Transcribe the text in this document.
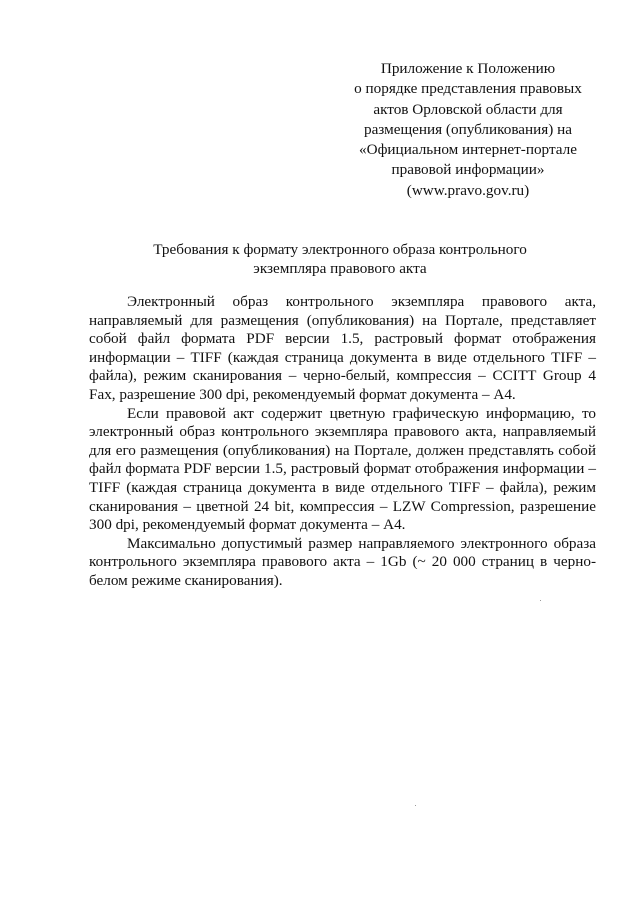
Приложение к Положению
о порядке представления правовых
актов Орловской области для
размещения (опубликования) на
«Официальном интернет-портале
правовой информации»
(www.pravo.gov.ru)
Требования к формату электронного образа контрольного
экземпляра правового акта

Электронный образ контрольного экземпляра правового акта, направляемый для размещения (опубликования) на Портале, представляет собой файл формата PDF версии 1.5, растровый формат отображения информации – TIFF (каждая страница документа в виде отдельного TIFF – файла), режим сканирования – черно-белый, компрессия – CCITT Group 4 Fax, разрешение 300 dpi, рекомендуемый формат документа – А4.

Если правовой акт содержит цветную графическую информацию, то электронный образ контрольного экземпляра правового акта, направляемый для его размещения (опубликования) на Портале, должен представлять собой файл формата PDF версии 1.5, растровый формат отображения информации – TIFF (каждая страница документа в виде отдельного TIFF – файла), режим сканирования – цветной 24 bit, компрессия – LZW Compression, разрешение 300 dpi, рекомендуемый формат документа – А4.

Максимально допустимый размер направляемого электронного образа контрольного экземпляра правового акта – 1Gb (~ 20 000 страниц в черно-белом режиме сканирования).
